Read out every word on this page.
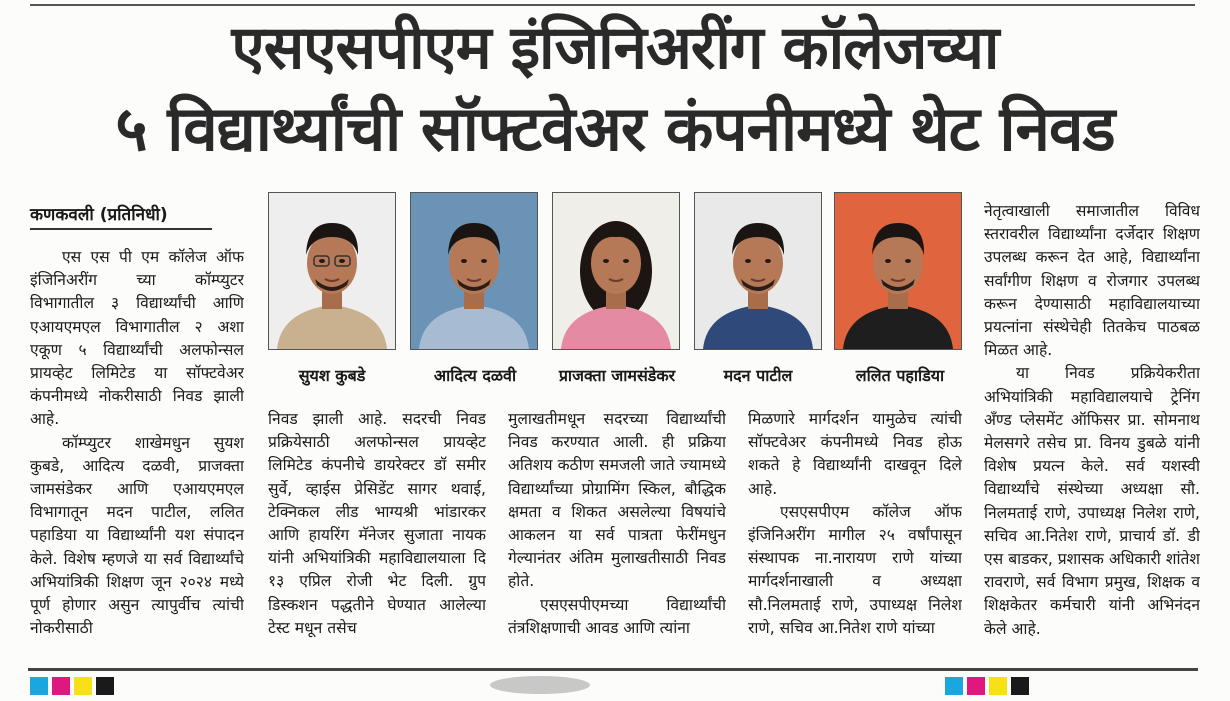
एसएसपीएम इंजिनिअरींग कॉलेजच्या
५ विद्यार्थ्यांची सॉफ्टवेअर कंपनीमध्ये थेट निवड
कणकवली (प्रतिनिधी)

एस एस पी एम कॉलेज ऑफ इंजिनिअरींग च्या कॉम्प्युटर विभागातील ३ विद्यार्थ्यांची आणि एआयएमएल विभागातील २ अशा एकूण ५ विद्यार्थ्यांची अलफोन्सल प्रायव्हेट लिमिटेड या सॉफ्टवेअर कंपनीमध्ये नोकरीसाठी निवड झाली आहे.

कॉम्प्युटर शाखेमधुन सुयश कुबडे, आदित्य दळवी, प्राजक्ता जामसंडेकर आणि एआयएमएल विभागातून मदन पाटील, ललित पहाडिया या विद्यार्थ्यांनी यश संपादन केले. विशेष म्हणजे या सर्व विद्यार्थ्यांचे अभियांत्रिकी शिक्षण जून २०२४ मध्ये पूर्ण होणार असुन त्यापुर्वीच त्यांची नोकरीसाठी

सुयश कुबडे	आदित्य दळवी	प्राजक्ता जामसंडेकर	मदन पाटील	ललित पहाडिया

निवड झाली आहे. सदरची निवड प्रक्रियेसाठी अलफोन्सल प्रायव्हेट लिमिटेड कंपनीचे डायरेक्टर डॉ समीर सुर्वे, व्हाईस प्रेसिडेंट सागर थवाई, टेक्निकल लीड भाग्यश्री भांडारकर आणि हायरिंग मॅनेजर सुजाता नायक यांनी अभियांत्रिकी महाविद्यालयाला दि १३ एप्रिल रोजी भेट दिली. ग्रुप डिस्कशन पद्धतीने घेण्यात आलेल्या टेस्ट मधून तसेच

मुलाखतीमधून सदरच्या विद्यार्थ्यांची निवड करण्यात आली. ही प्रक्रिया अतिशय कठीण समजली जाते ज्यामध्ये विद्यार्थ्यांच्या प्रोग्रामिंग स्किल, बौद्धिक क्षमता व शिकत असलेल्या विषयांचे आकलन या सर्व पात्रता फेरींमधुन गेल्यानंतर अंतिम मुलाखतीसाठी निवड होते.

एसएसपीएमच्या विद्यार्थ्यांची तंत्रशिक्षणाची आवड आणि त्यांना

मिळणारे मार्गदर्शन यामुळेच त्यांची सॉफ्टवेअर कंपनीमध्ये निवड होऊ शकते हे विद्यार्थ्यांनी दाखवून दिले आहे.

एसएसपीएम कॉलेज ऑफ इंजिनिअरींग मागील २५ वर्षांपासून संस्थापक ना.नारायण राणे यांच्या मार्गदर्शनाखाली व अध्यक्षा सौ.निलमताई राणे, उपाध्यक्ष निलेश राणे, सचिव आ.नितेश राणे यांच्या

नेतृत्वाखाली समाजातील विविध स्तरावरील विद्यार्थ्यांना दर्जेदार शिक्षण उपलब्ध करून देत आहे, विद्यार्थ्यांना सर्वांगीण शिक्षण व रोजगार उपलब्ध करून देण्यासाठी महाविद्यालयाच्या प्रयत्नांना संस्थेचेही तितकेच पाठबळ मिळत आहे.

या निवड प्रक्रियेकरीता अभियांत्रिकी महाविद्यालयाचे ट्रेनिंग अँण्ड प्लेसमेंट ऑफिसर प्रा. सोमनाथ मेलसगरे तसेच प्रा. विनय डुबळे यांनी विशेष प्रयत्न केले. सर्व यशस्वी विद्यार्थ्यांचे संस्थेच्या अध्यक्षा सौ. निलमताई राणे, उपाध्यक्ष निलेश राणे, सचिव आ.नितेश राणे, प्राचार्य डॉ. डी एस बाडकर, प्रशासक अधिकारी शांतेश रावराणे, सर्व विभाग प्रमुख, शिक्षक व शिक्षकेतर कर्मचारी यांनी अभिनंदन केले आहे.
